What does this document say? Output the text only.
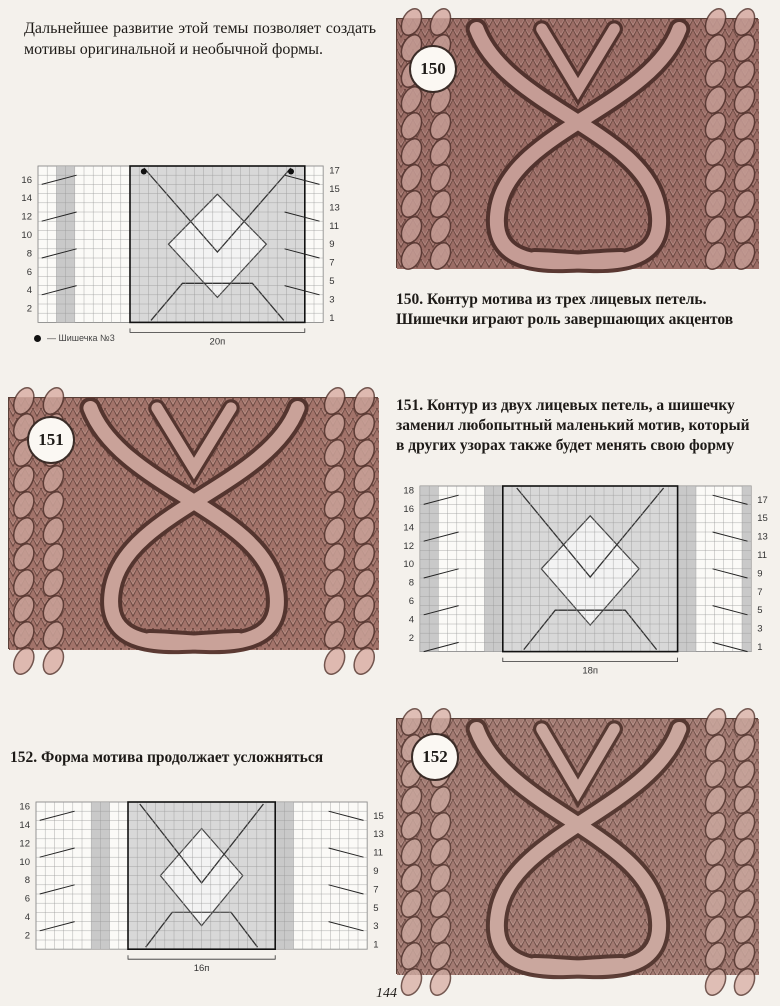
Дальнейшее развитие этой темы позволяет создать мотивы оригинальной и необычной формы.
150
150. Контур мотива из трех лицевых петель. Шишечки играют роль завершающих акцентов
16
14
12
10
8
6
4
2
17
15
13
11
9
7
5
3
1
20п
— Шишечка №3
151
151. Контур из двух лицевых петель, а шишечку заменил любопытный маленький мотив, который в других узорах также будет менять свою форму
18
16
14
12
10
8
6
4
2
17
15
13
11
9
7
5
3
1
18п
152. Форма мотива продолжает усложняться
16
14
12
10
8
6
4
2
15
13
11
9
7
5
3
1
16п
152
144
